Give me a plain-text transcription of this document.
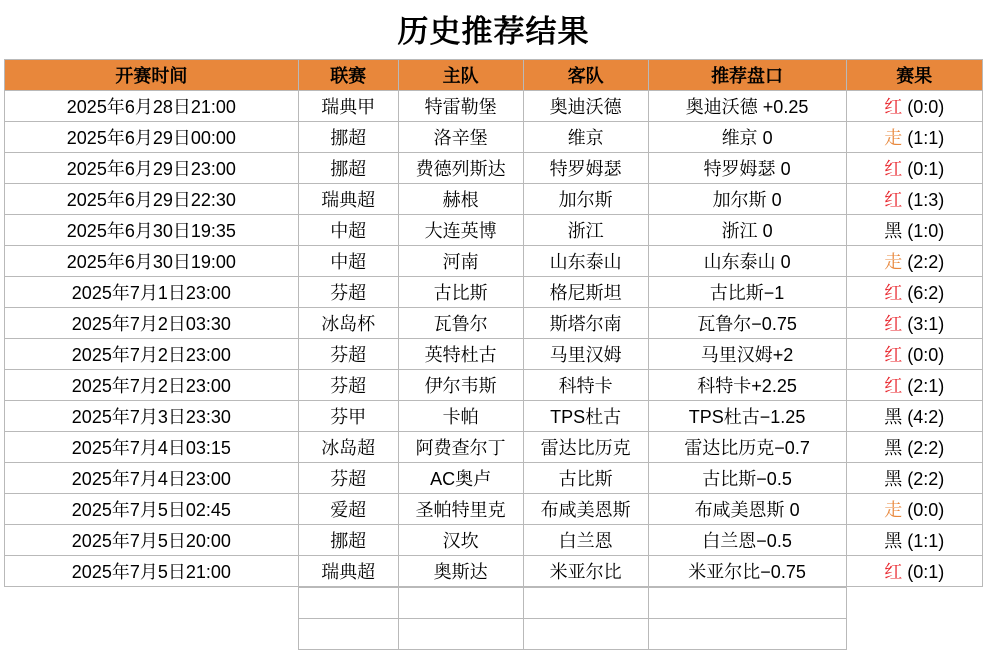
历史推荐结果
开赛时间	联赛	主队	客队	推荐盘口	赛果
2025年6月28日21:00	瑞典甲	特雷勒堡	奥迪沃德	奥迪沃德 +0.25	红 (0:0)
2025年6月29日00:00	挪超	洛辛堡	维京	维京 0	走 (1:1)
2025年6月29日23:00	挪超	费德列斯达	特罗姆瑟	特罗姆瑟 0	红 (0:1)
2025年6月29日22:30	瑞典超	赫根	加尔斯	加尔斯 0	红 (1:3)
2025年6月30日19:35	中超	大连英博	浙江	浙江 0	黑 (1:0)
2025年6月30日19:00	中超	河南	山东泰山	山东泰山 0	走 (2:2)
2025年7月1日23:00	芬超	古比斯	格尼斯坦	古比斯−1	红 (6:2)
2025年7月2日03:30	冰岛杯	瓦鲁尔	斯塔尔南	瓦鲁尔−0.75	红 (3:1)
2025年7月2日23:00	芬超	英特杜古	马里汉姆	马里汉姆+2	红 (0:0)
2025年7月2日23:00	芬超	伊尔韦斯	科特卡	科特卡+2.25	红 (2:1)
2025年7月3日23:30	芬甲	卡帕	TPS杜古	TPS杜古−1.25	黑 (4:2)
2025年7月4日03:15	冰岛超	阿费查尔丁	雷达比历克	雷达比历克−0.7	黑 (2:2)
2025年7月4日23:00	芬超	AC奥卢	古比斯	古比斯−0.5	黑 (2:2)
2025年7月5日02:45	爱超	圣帕特里克	布咸美恩斯	布咸美恩斯 0	走 (0:0)
2025年7月5日20:00	挪超	汉坎	白兰恩	白兰恩−0.5	黑 (1:1)
2025年7月5日21:00	瑞典超	奥斯达	米亚尔比	米亚尔比−0.75	红 (0:1)
